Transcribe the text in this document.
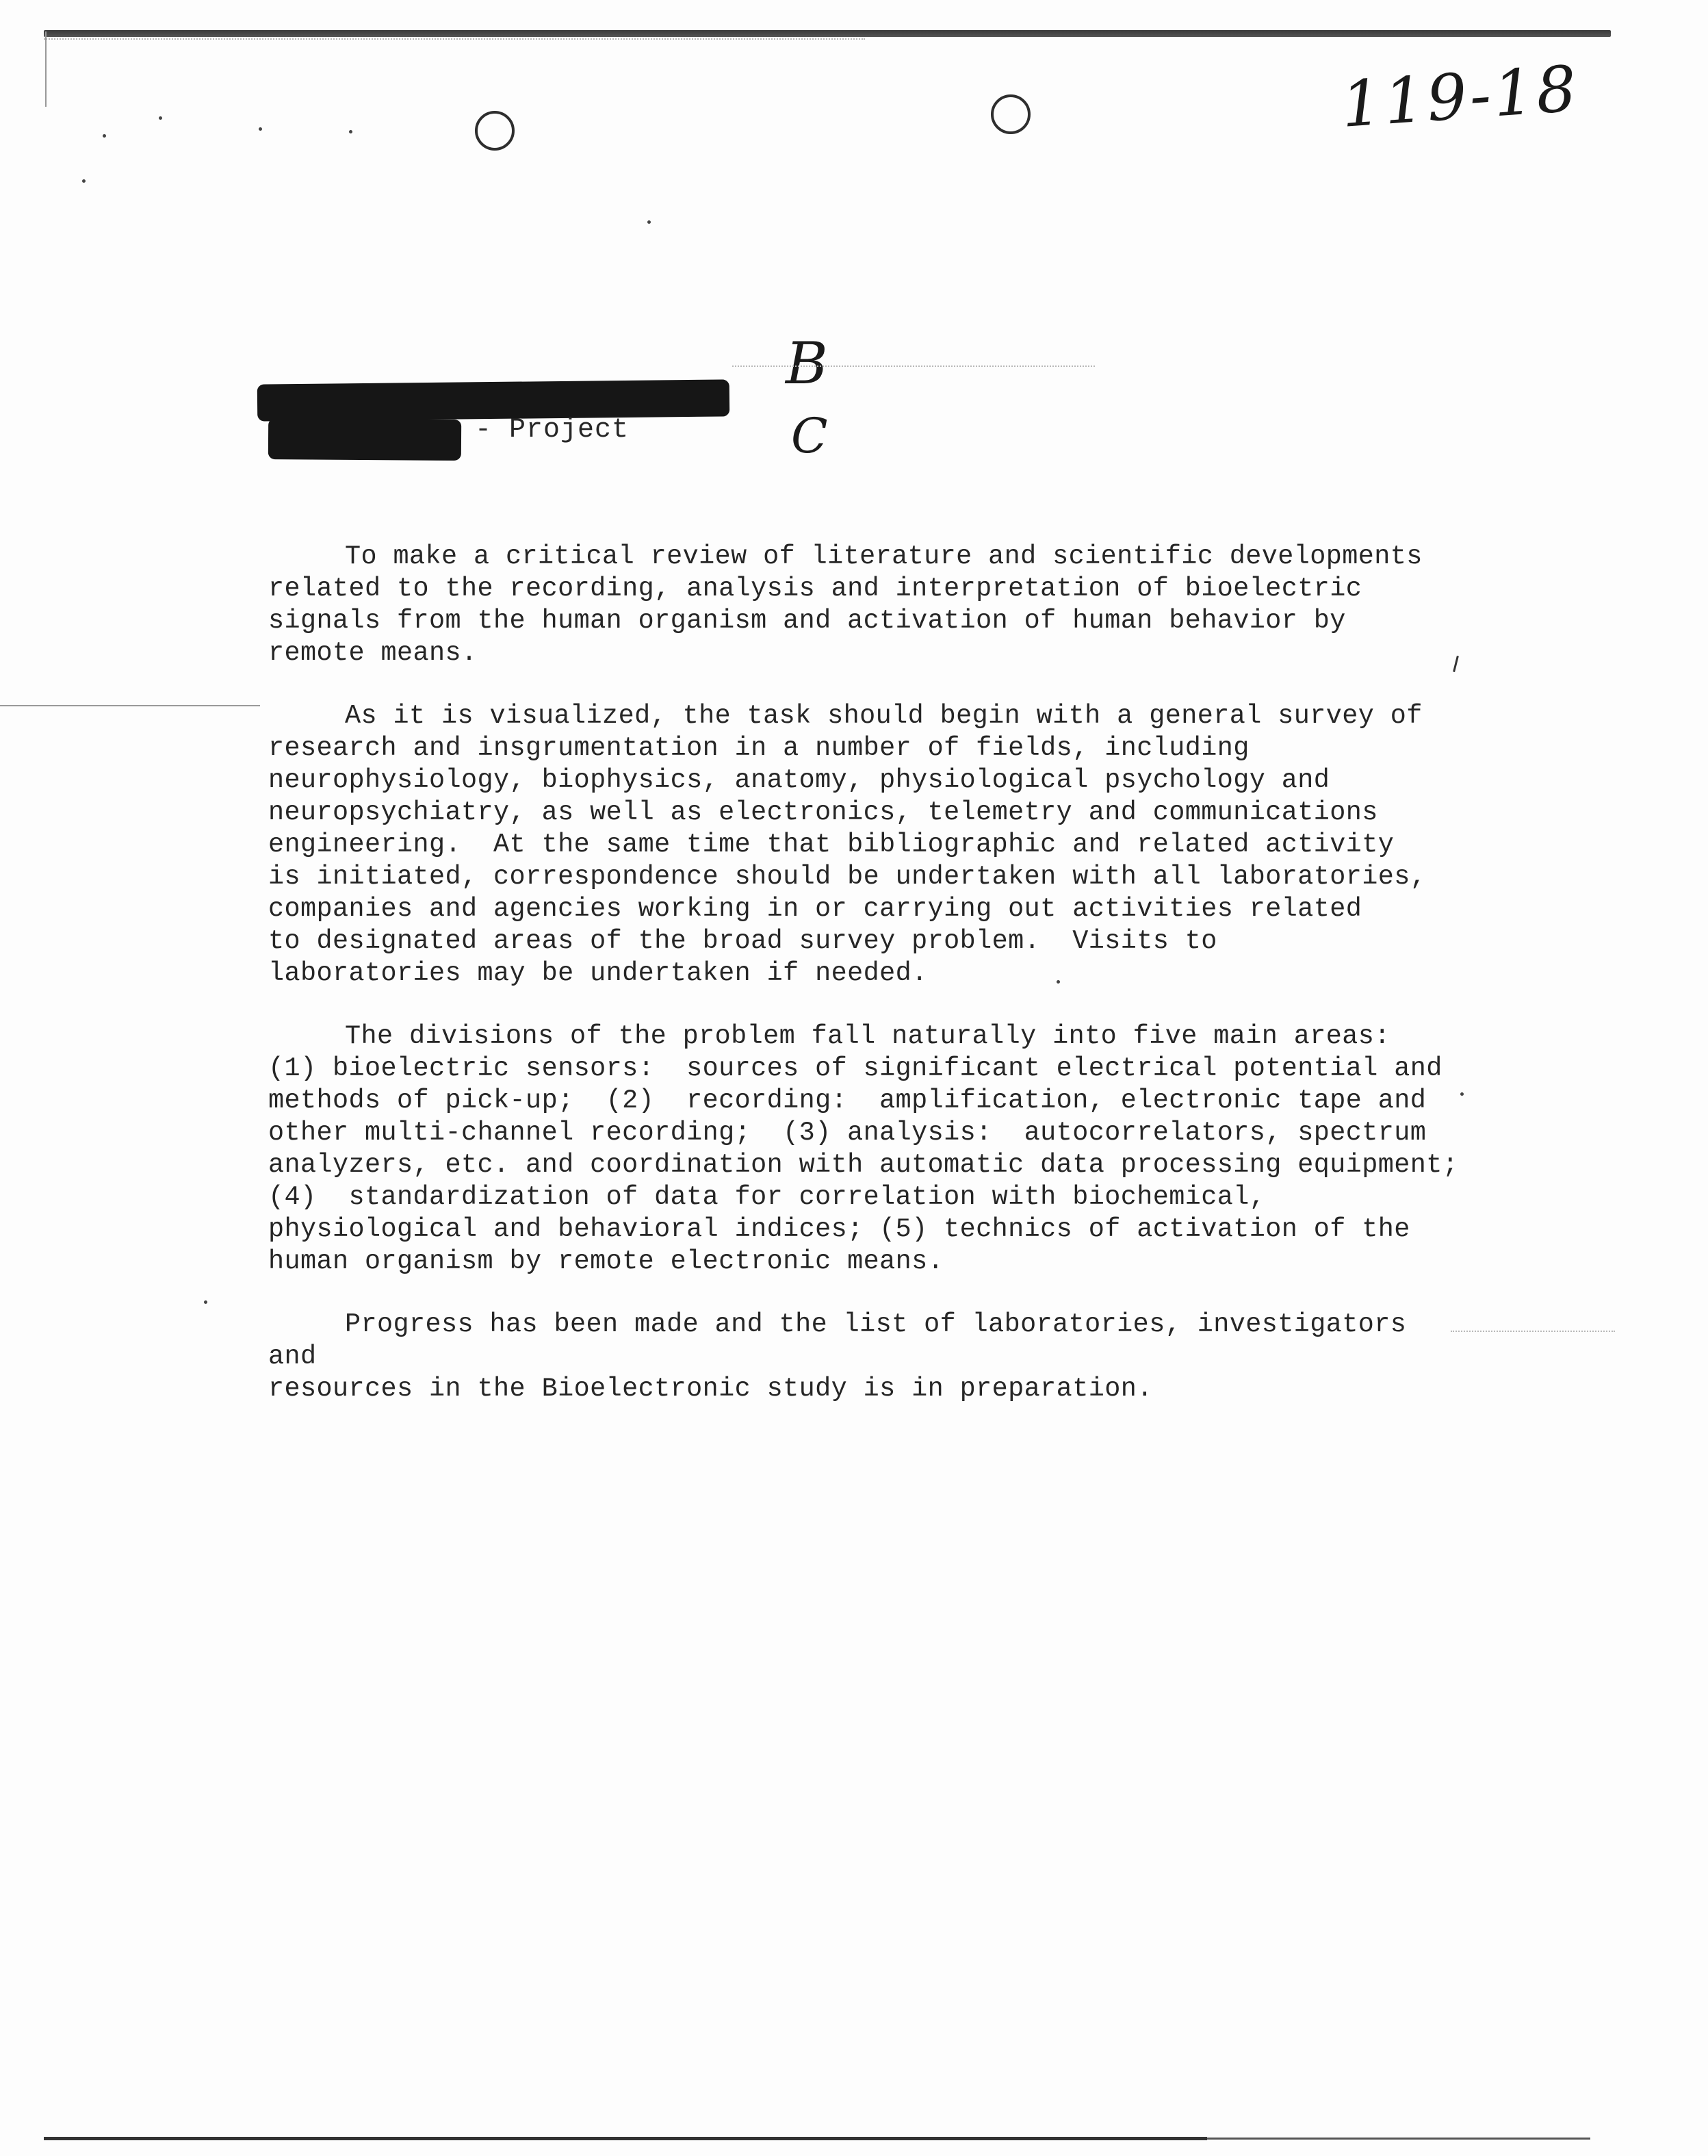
119-18
B
C
- Project

To make a critical review of literature and scientific developments
related to the recording, analysis and interpretation of bioelectric
signals from the human organism and activation of human behavior by
remote means.

As it is visualized, the task should begin with a general survey of
research and insgrumentation in a number of fields, including
neurophysiology, biophysics, anatomy, physiological psychology and
neuropsychiatry, as well as electronics, telemetry and communications
engineering.  At the same time that bibliographic and related activity
is initiated, correspondence should be undertaken with all laboratories,
companies and agencies working in or carrying out activities related
to designated areas of the broad survey problem.  Visits to
laboratories may be undertaken if needed.

The divisions of the problem fall naturally into five main areas:
(1) bioelectric sensors:  sources of significant electrical potential and
methods of pick-up;  (2)  recording:  amplification, electronic tape and
other multi-channel recording;  (3) analysis:  autocorrelators, spectrum
analyzers, etc. and coordination with automatic data processing equipment;
(4)  standardization of data for correlation with biochemical,
physiological and behavioral indices; (5) technics of activation of the
human organism by remote electronic means.

Progress has been made and the list of laboratories, investigators and
resources in the Bioelectronic study is in preparation.
